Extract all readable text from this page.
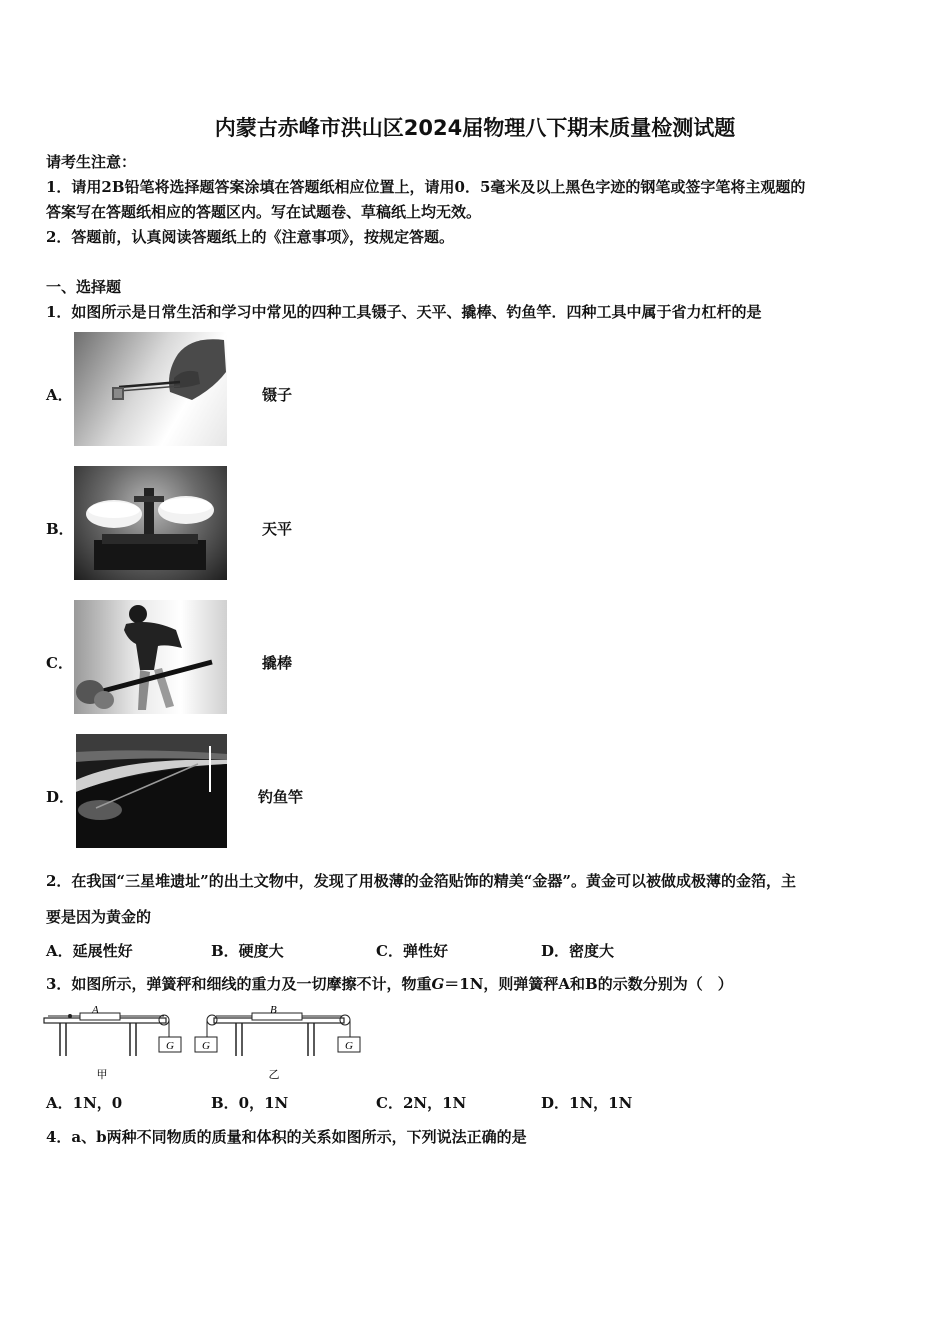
内蒙古赤峰市洪山区2024届物理八下期末质量检测试题
请考生注意：
1．请用2B铅笔将选择题答案涂填在答题纸相应位置上，请用0．5毫米及以上黑色字迹的钢笔或签字笔将主观题的
答案写在答题纸相应的答题区内。写在试题卷、草稿纸上均无效。
2．答题前，认真阅读答题纸上的《注意事项》，按规定答题。
一、选择题
1．如图所示是日常生活和学习中常见的四种工具镊子、天平、撬棒、钓鱼竿．四种工具中属于省力杠杆的是
A．	镊子
B．	天平
C．	撬棒
D．	钓鱼竿
2．在我国“三星堆遗址”的出土文物中，发现了用极薄的金箔贴饰的精美“金器”。黄金可以被做成极薄的金箔，主
要是因为黄金的
A．延展性好	B．硬度大	C．弹性好	D．密度大
3．如图所示，弹簧秤和细线的重力及一切摩擦不计，物重G＝1N，则弹簧秤A和B的示数分别为（　）
G
A
甲
G	G
B
乙
A．1N，0	B．0，1N	C．2N，1N	D．1N，1N
4．a、b两种不同物质的质量和体积的关系如图所示，下列说法正确的是
